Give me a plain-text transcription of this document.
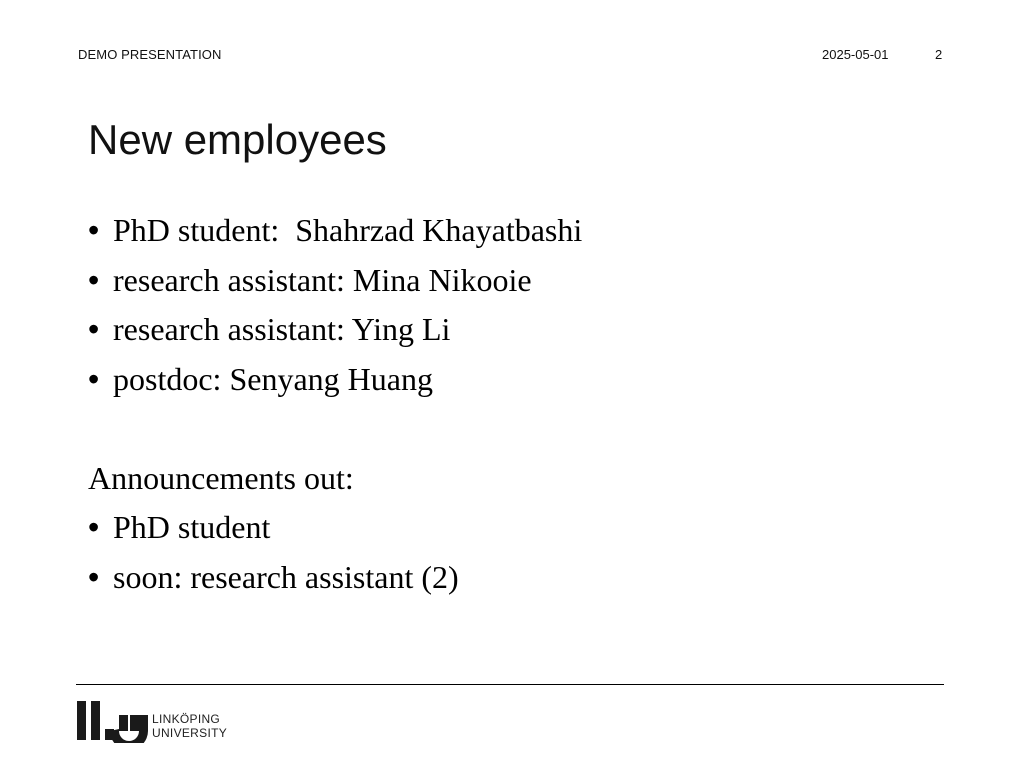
DEMO PRESENTATION	2025-05-01	2
New employees
• PhD student:  Shahrzad Khayatbashi
• research assistant: Mina Nikooie
• research assistant: Ying Li
• postdoc: Senyang Huang
Announcements out:
• PhD student
• soon: research assistant (2)
LINKÖPING
UNIVERSITY
